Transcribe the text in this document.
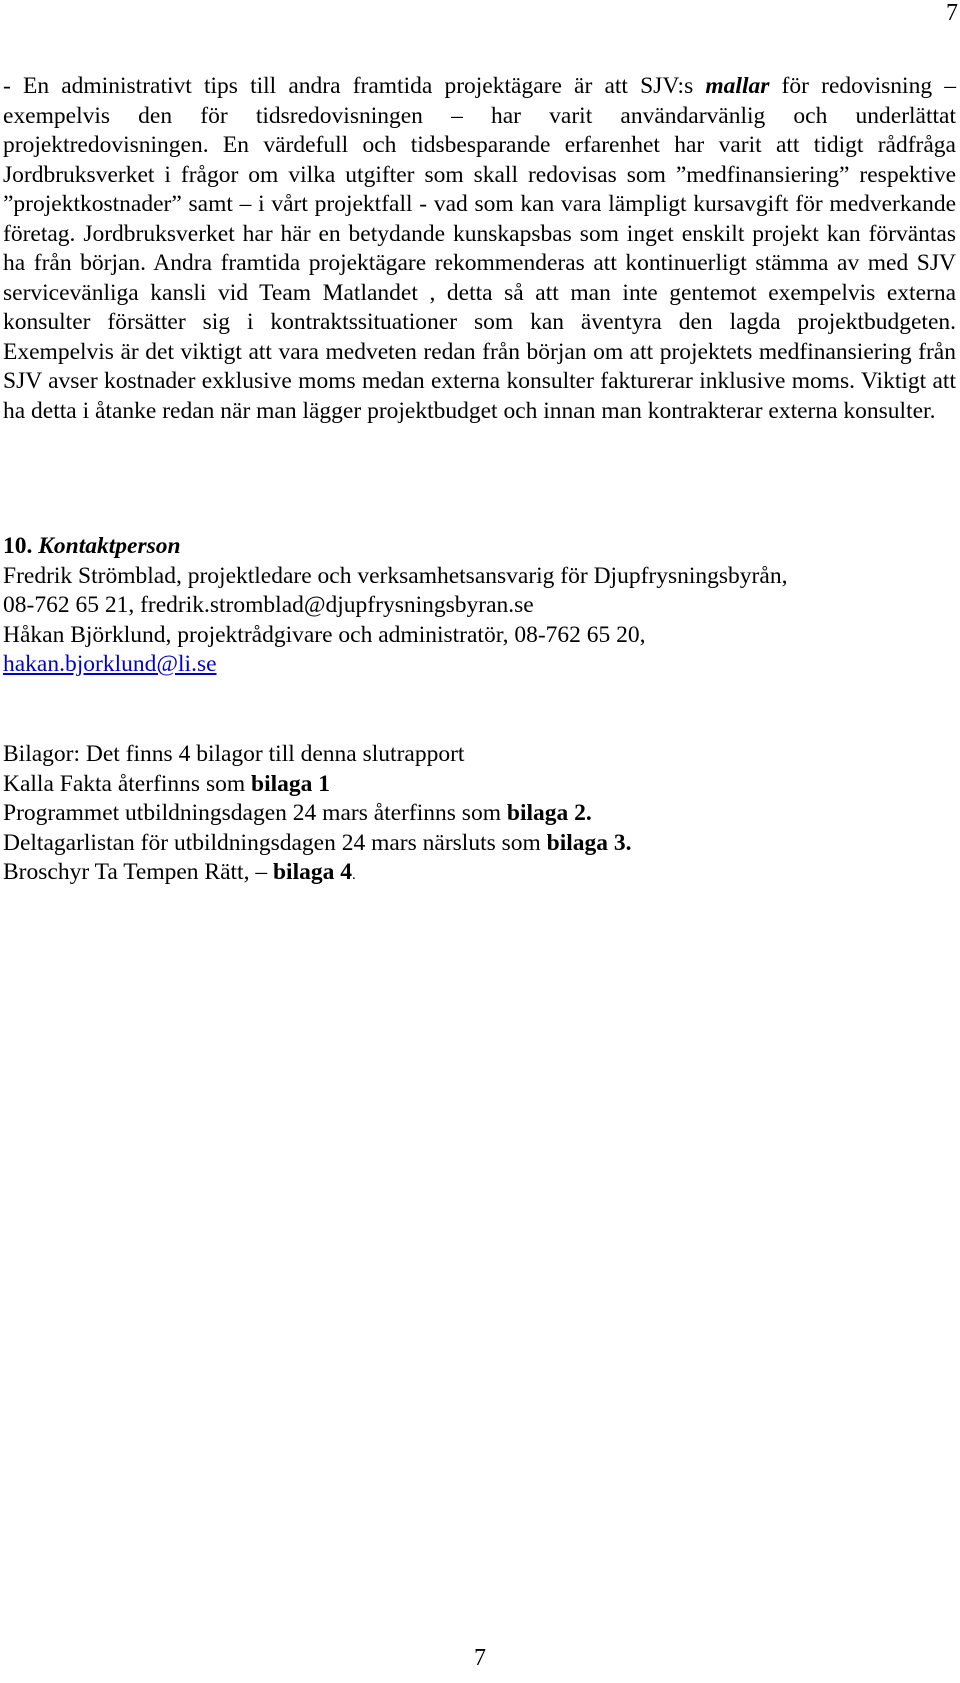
7

- En administrativt tips till andra framtida projektägare är att SJV:s mallar för redovisning – exempelvis den för tidsredovisningen – har varit användarvänlig och underlättat projektredovisningen. En värdefull och tidsbesparande erfarenhet har varit att tidigt rådfråga Jordbruksverket i frågor om vilka utgifter som skall redovisas som ”medfinansiering” respektive ”projektkostnader” samt – i vårt projektfall - vad som kan vara lämpligt kursavgift för medverkande företag. Jordbruksverket har här en betydande kunskapsbas som inget enskilt projekt kan förväntas ha från början. Andra framtida projektägare rekommenderas att kontinuerligt stämma av med SJV servicevänliga kansli vid Team Matlandet , detta så att man inte gentemot exempelvis externa konsulter försätter sig i kontraktssituationer som kan äventyra den lagda projektbudgeten. Exempelvis är det viktigt att vara medveten redan från början om att projektets medfinansiering från SJV avser kostnader exklusive moms medan externa konsulter fakturerar inklusive moms. Viktigt att ha detta i åtanke redan när man lägger projektbudget och innan man kontrakterar externa konsulter.

10. Kontaktperson
Fredrik Strömblad, projektledare och verksamhetsansvarig för Djupfrysningsbyrån,
08-762 65 21, fredrik.stromblad@djupfrysningsbyran.se
Håkan Björklund, projektrådgivare och administratör, 08-762 65 20,
hakan.bjorklund@li.se
Bilagor: Det finns 4 bilagor till denna slutrapport
Kalla Fakta återfinns som bilaga 1
Programmet utbildningsdagen 24 mars återfinns som bilaga 2.
Deltagarlistan för utbildningsdagen 24 mars närsluts som bilaga 3.
Broschyr Ta Tempen Rätt, – bilaga 4.
7
